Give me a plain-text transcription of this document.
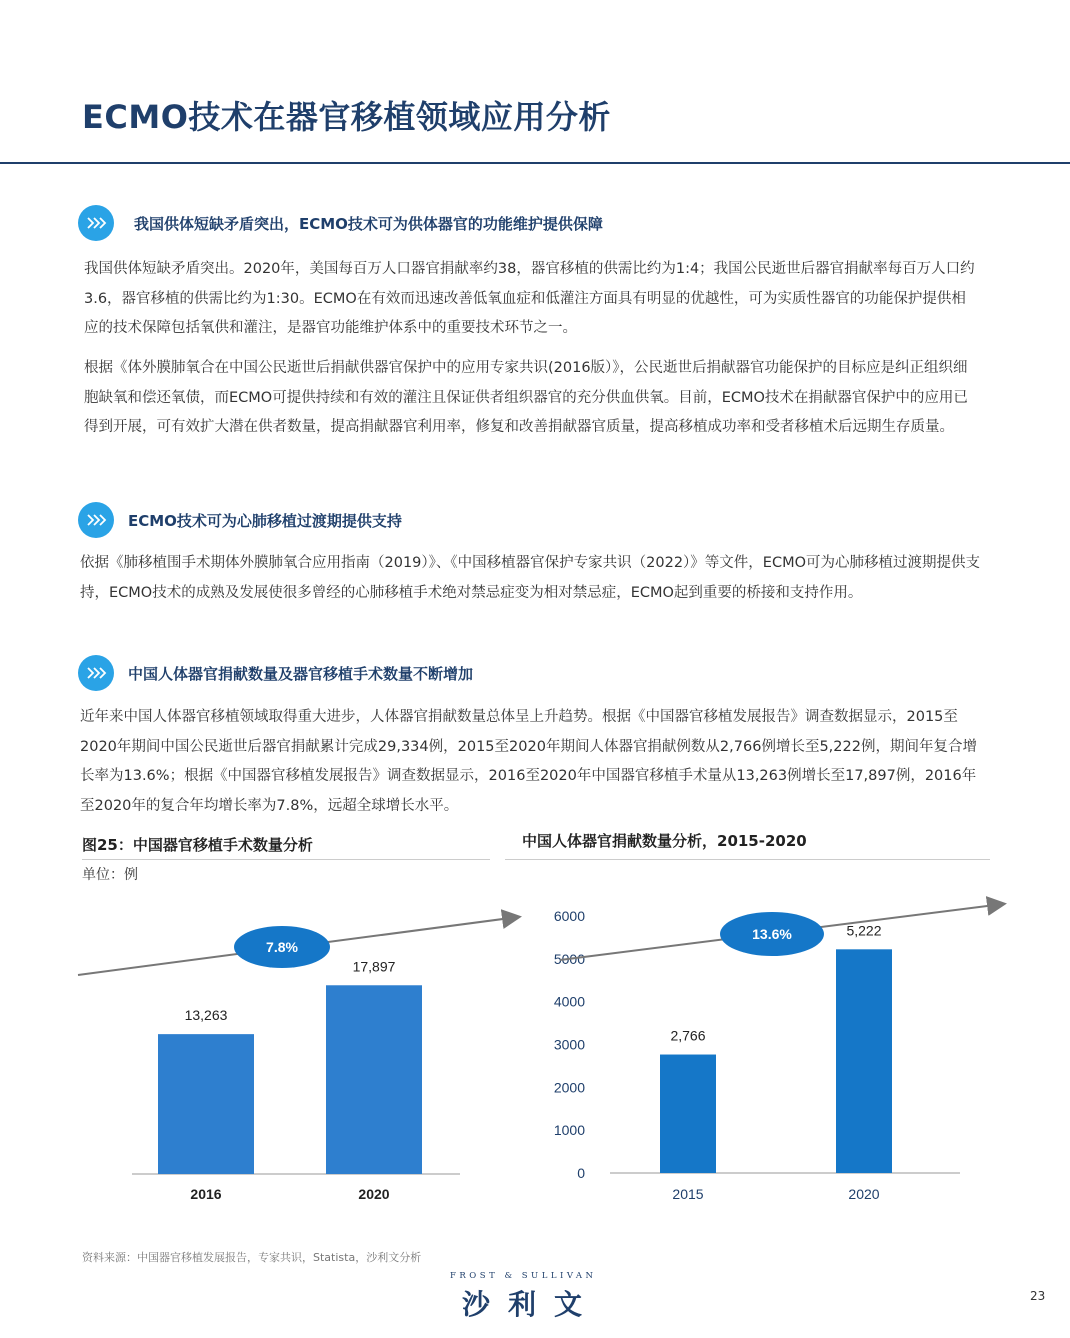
ECMO技术在器官移植领域应用分析
我国供体短缺矛盾突出，ECMO技术可为供体器官的功能维护提供保障
我国供体短缺矛盾突出。2020年，美国每百万人口器官捐献率约38，器官移植的供需比约为1:4；我国公民逝世后器官捐献率每百万人口约3.6，器官移植的供需比约为1:30。ECMO在有效而迅速改善低氧血症和低灌注方面具有明显的优越性，可为实质性器官的功能保护提供相应的技术保障包括氧供和灌注，是器官功能维护体系中的重要技术环节之一。
根据《体外膜肺氧合在中国公民逝世后捐献供器官保护中的应用专家共识(2016版）》，公民逝世后捐献器官功能保护的目标应是纠正组织细胞缺氧和偿还氧债，而ECMO可提供持续和有效的灌注且保证供者组织器官的充分供血供氧。目前，ECMO技术在捐献器官保护中的应用已得到开展，可有效扩大潜在供者数量，提高捐献器官利用率，修复和改善捐献器官质量，提高移植成功率和受者移植术后远期生存质量。
ECMO技术可为心肺移植过渡期提供支持
依据《肺移植围手术期体外膜肺氧合应用指南（2019）》、《中国移植器官保护专家共识（2022）》等文件，ECMO可为心肺移植过渡期提供支持，ECMO技术的成熟及发展使很多曾经的心肺移植手术绝对禁忌症变为相对禁忌症，ECMO起到重要的桥接和支持作用。
中国人体器官捐献数量及器官移植手术数量不断增加
近年来中国人体器官移植领域取得重大进步，人体器官捐献数量总体呈上升趋势。根据《中国器官移植发展报告》调查数据显示，2015至2020年期间中国公民逝世后器官捐献累计完成29,334例，2015至2020年期间人体器官捐献例数从2,766例增长至5,222例，期间年复合增长率为13.6%；根据《中国器官移植发展报告》调查数据显示，2016至2020年中国器官移植手术量从13,263例增长至17,897例，2016年至2020年的复合年均增长率为7.8%，远超全球增长水平。
图25：中国器官移植手术数量分析	中国人体器官捐献数量分析，2015-2020
单位：例
7.8%
13,263
17,897
2016	2020
0
1000
2000
3000
4000
5000
6000
13.6%
2,766
5,222
2015	2020
资料来源：中国器官移植发展报告，专家共识，Statista，沙利文分析
FROST & SULLIVAN
沙利文	23
